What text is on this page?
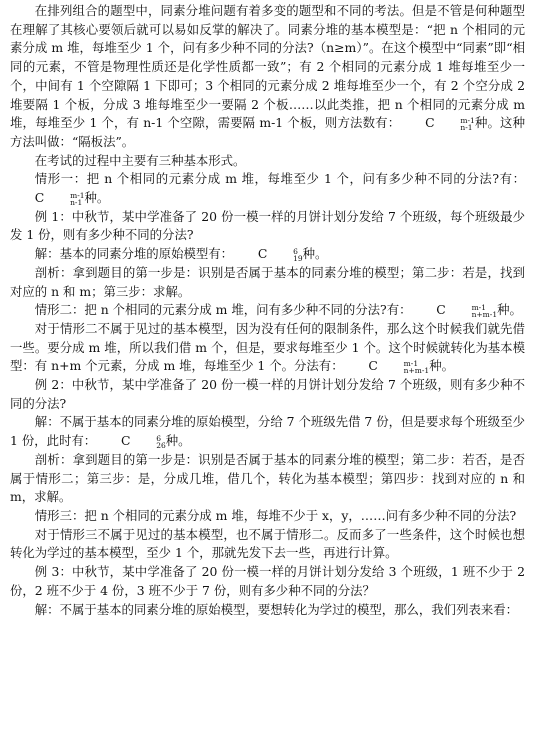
在排列组合的题型中，同素分堆问题有着多变的题型和不同的考法。但是不管是何种题型在理解了其核心要领后就可以易如反掌的解决了。同素分堆的基本模型是：“把 n 个相同的元素分成 m 堆，每堆至少 1 个，问有多少种不同的分法?（n≥m）”。在这个模型中“同素”即“相同的元素，不管是物理性质还是化学性质都一致”；有 2 个相同的元素分成 1 堆每堆至少一个，中间有 1 个空隙隔 1 下即可；3 个相同的元素分成 2 堆每堆至少一个，有 2 个空分成 2 堆要隔 1 个板，分成 3 堆每堆至少一要隔 2 个板……以此类推，把 n 个相同的元素分成 m 堆，每堆至少 1 个，有 n-1 个空隙，需要隔 m-1 个板，则方法数有： C	m-1
n-1 种。这种方法叫做：“隔板法”。

在考试的过程中主要有三种基本形式。

情形一：把 n 个相同的元素分成 m 堆，每堆至少 1 个，问有多少种不同的分法?有：C	m-1
n-1 种。

例 1：中秋节，某中学准备了 20 份一模一样的月饼计划分发给 7 个班级，每个班级最少发 1 份，则有多少种不同的分法?

解：基本的同素分堆的原始模型有： C	6
19 种。

剖析：拿到题目的第一步是：识别是否属于基本的同素分堆的模型；第二步：若是，找到对应的 n 和 m；第三步：求解。

情形二：把 n 个相同的元素分成 m 堆，问有多少种不同的分法?有： C	m-1
n+m-1 种。

对于情形二不属于见过的基本模型，因为没有任何的限制条件，那么这个时候我们就先借一些。要分成 m 堆，所以我们借 m 个，但是，要求每堆至少 1 个。这个时候就转化为基本模型：有 n+m 个元素，分成 m 堆，每堆至少 1 个。分法有： C	m-1
n+m-1 种。

例 2：中秋节，某中学准备了 20 份一模一样的月饼计划分发给 7 个班级，则有多少种不同的分法?

解：不属于基本的同素分堆的原始模型，分给 7 个班级先借 7 份，但是要求每个班级至少 1 份，此时有： C	6
26 种。

剖析：拿到题目的第一步是：识别是否属于基本的同素分堆的模型；第二步：若否，是否属于情形二；第三步：是，分成几堆，借几个，转化为基本模型；第四步：找到对应的 n 和 m，求解。

情形三：把 n 个相同的元素分成 m 堆，每堆不少于 x，y，……问有多少种不同的分法?

对于情形三不属于见过的基本模型，也不属于情形二。反而多了一些条件，这个时候也想转化为学过的基本模型，至少 1 个，那就先发下去一些，再进行计算。

例 3：中秋节，某中学准备了 20 份一模一样的月饼计划分发给 3 个班级，1 班不少于 2 份，2 班不少于 4 份，3 班不少于 7 份，则有多少种不同的分法？

解：不属于基本的同素分堆的原始模型，要想转化为学过的模型，那么，我们列表来看：
